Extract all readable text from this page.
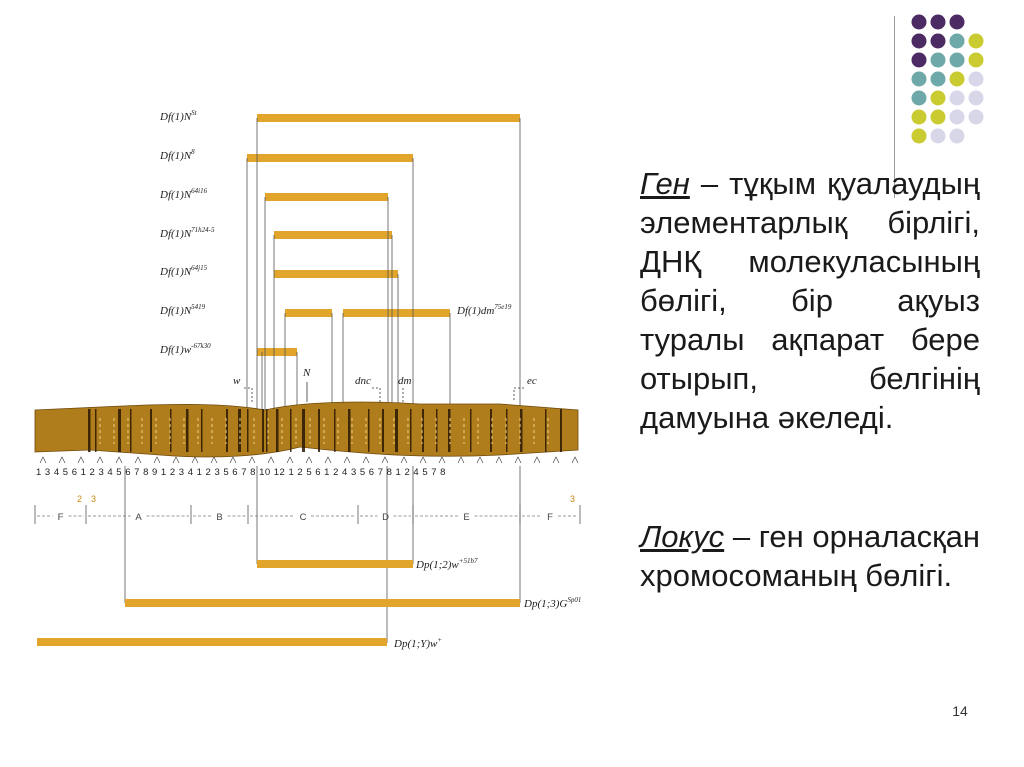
$Df(1)N^{St}$
$Df(1)N^8$
$Df(1)N^{64i16}$
$Df(1)N^{71h24-5}$
$Df(1)N^{64j15}$
$Df(1)N^{5419}$
$Df(1)w^{-67k30}$
$Df(1)dm^{75e19}$
w
N
dnc dm	ec
1 3 4 5 6 1 2 3 4 5 6 7 8 9 1 2 3 4 1 2 3 5 6 7 8 10 12 1 2 5 6 1 2 4 3 5 6 7 8 1 2 4 5 7 8
2 3	3
F	A	B	C	D	E	F
$Dp(1;2)w^{+51b7}$
$Dp(1;3)G^{Sp01}$
Dp(1;Y)w+

Ген – тұқым қуалаудың элементарлық бірлігі, ДНҚ молекуласының бөлігі, бір ақуыз туралы ақпарат бере отырып, белгінің дамуына әкеледі.

Локус – ген орналасқан хромосоманың бөлігі.

14
